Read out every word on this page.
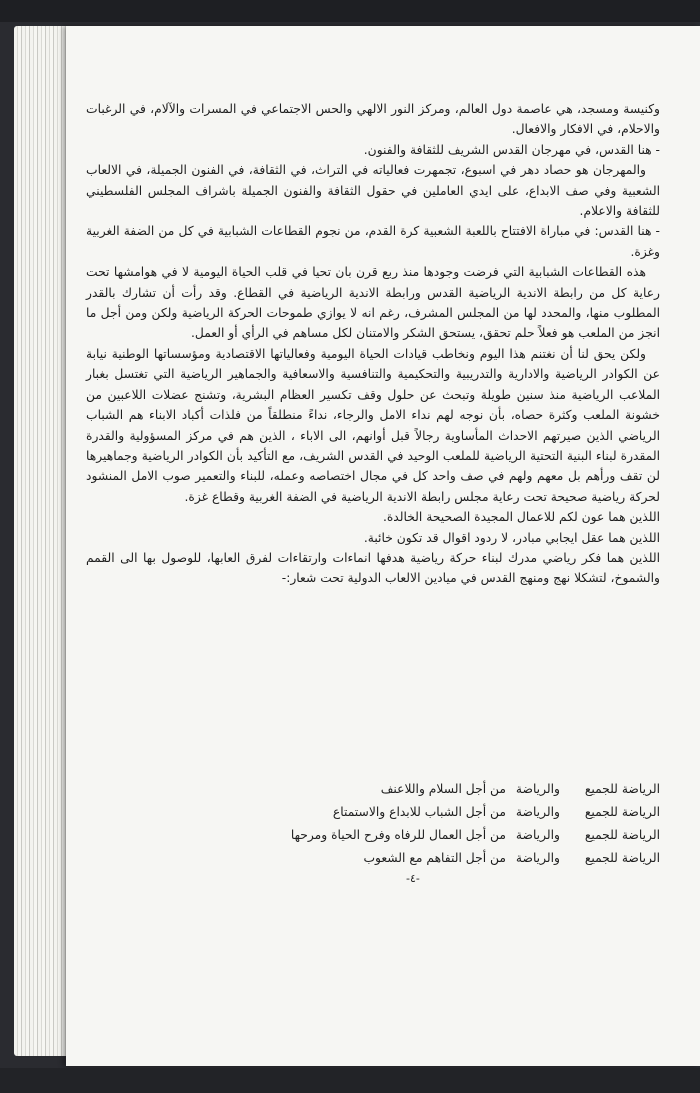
وكنيسة ومسجد، هي عاصمة دول العالم، ومركز النور الالهي والحس الاجتماعي في المسرات والآلام، في الرغبات والاحلام، في الافكار والافعال.

- هنا القدس، في مهرجان القدس الشريف للثقافة والفنون.

والمهرجان هو حصاد دهر في اسبوع، تجمهرت فعالياته في التراث، في الثقافة، في الفنون الجميلة، في الالعاب الشعبية وفي صف الابداع، على ايدي العاملين في حقول الثقافة والفنون الجميلة باشراف المجلس الفلسطيني للثقافة والاعلام.

- هنا القدس: في مباراة الافتتاح باللعبة الشعبية كرة القدم، من نجوم القطاعات الشبابية في كل من الضفة الغربية وغزة.

هذه القطاعات الشبابية التي فرضت وجودها منذ ربع قرن بان تحيا في قلب الحياة اليومية لا في هوامشها تحت رعاية كل من رابطة الاندية الرياضية القدس ورابطة الاندية الرياضية في القطاع. وقد رأت أن تشارك بالقدر المطلوب منها، والمحدد لها من المجلس المشرف، رغم انه لا يوازي طموحات الحركة الرياضية ولكن ومن أجل ما انجز من الملعب هو فعلاً حلم تحقق، يستحق الشكر والامتنان لكل مساهم في الرأي أو العمل.

ولكن يحق لنا أن نغتنم هذا اليوم ونخاطب قيادات الحياة اليومية وفعالياتها الاقتصادية ومؤسساتها الوطنية نيابة عن الكوادر الرياضية والادارية والتدريبية والتحكيمية والتنافسية والاسعافية والجماهير الرياضية التي تغتسل بغبار الملاعب الرياضية منذ سنين طويلة وتبحث عن حلول وقف تكسير العظام البشرية، وتشنج عضلات اللاعبين من خشونة الملعب وكثرة حصاه، بأن نوجه لهم نداء الامل والرجاء، نداءً منطلقاً من فلذات أكباد الابناء هم الشباب الرياضي الذين صيرتهم الاحداث المأساوية رجالاً قبل أوانهم، الى الاباء ، الذين هم في مركز المسؤولية والقدرة المقدرة لبناء البنية التحتية الرياضية للملعب الوحيد في القدس الشريف، مع التأكيد بأن الكوادر الرياضية وجماهيرها لن تقف ورأهم بل معهم ولهم في صف واحد كل في مجال اختصاصه وعمله، للبناء والتعمير صوب الامل المنشود لحركة رياضية صحيحة تحت رعاية مجلس رابطة الاندية الرياضية في الضفة الغربية وقطاع غزة.

اللذين هما عون لكم للاعمال المجيدة الصحيحة الخالدة.

اللذين هما عقل ايجابي مبادر، لا ردود اقوال قد تكون خائبة.

اللذين هما فكر رياضي مدرك لبناء حركة رياضية هدفها انماءات وارتقاءات لفرق العابها، للوصول بها الى القمم والشموخ، لتشكلا نهج ومنهج القدس في ميادين الالعاب الدولية تحت شعار:-

الرياضة للجميع
والرياضة
من أجل السلام واللاعنف
الرياضة للجميع
والرياضة
من أجل الشباب للابداع والاستمتاع
الرياضة للجميع
والرياضة
من أجل العمال للرفاه وفرح الحياة ومرحها
الرياضة للجميع
والرياضة
من أجل التفاهم مع الشعوب
-٤-
